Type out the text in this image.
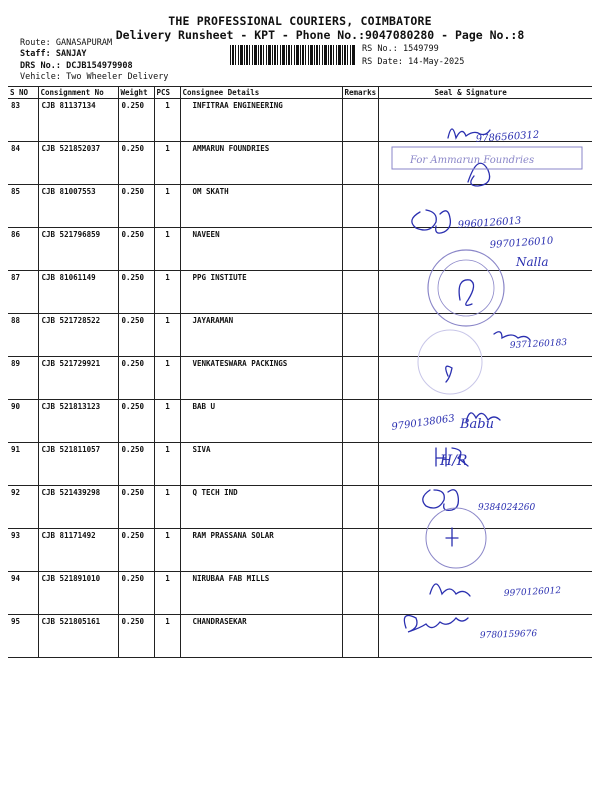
THE PROFESSIONAL COURIERS, COIMBATORE
Delivery Runsheet - KPT - Phone No.:9047080280 - Page No.:8
Route: GANASAPURAM
Staff: SANJAY
DRS No.: DCJB154979908
Vehicle: Two Wheeler Delivery
RS No.: 1549799
RS Date: 14-May-2025
S NO	Consignment No	Weight	PCS	Consignee Details	Remarks	Seal & Signature
83	CJB 81137134	0.250	1	INFITRAA ENGINEERING		
84	CJB 521852037	0.250	1	AMMARUN FOUNDRIES		
85	CJB 81007553	0.250	1	OM SKATH		
86	CJB 521796859	0.250	1	NAVEEN		
87	CJB 81061149	0.250	1	PPG INSTIUTE		
88	CJB 521728522	0.250	1	JAYARAMAN		
89	CJB 521729921	0.250	1	VENKATESWARA PACKINGS		
90	CJB 521813123	0.250	1	BAB U		
91	CJB 521811057	0.250	1	SIVA		
92	CJB 521439298	0.250	1	Q TECH IND		
93	CJB 81171492	0.250	1	RAM PRASSANA SOLAR		
94	CJB 521891010	0.250	1	NIRUBAA FAB MILLS		
95	CJB 521805161	0.250	1	CHANDRASEKAR		
9786560312
For Ammarun Foundries
9960126013
9970126010
Nalla
9371260183
9790138063 Babu
H/R
9384024260
9970126012
9780159676
